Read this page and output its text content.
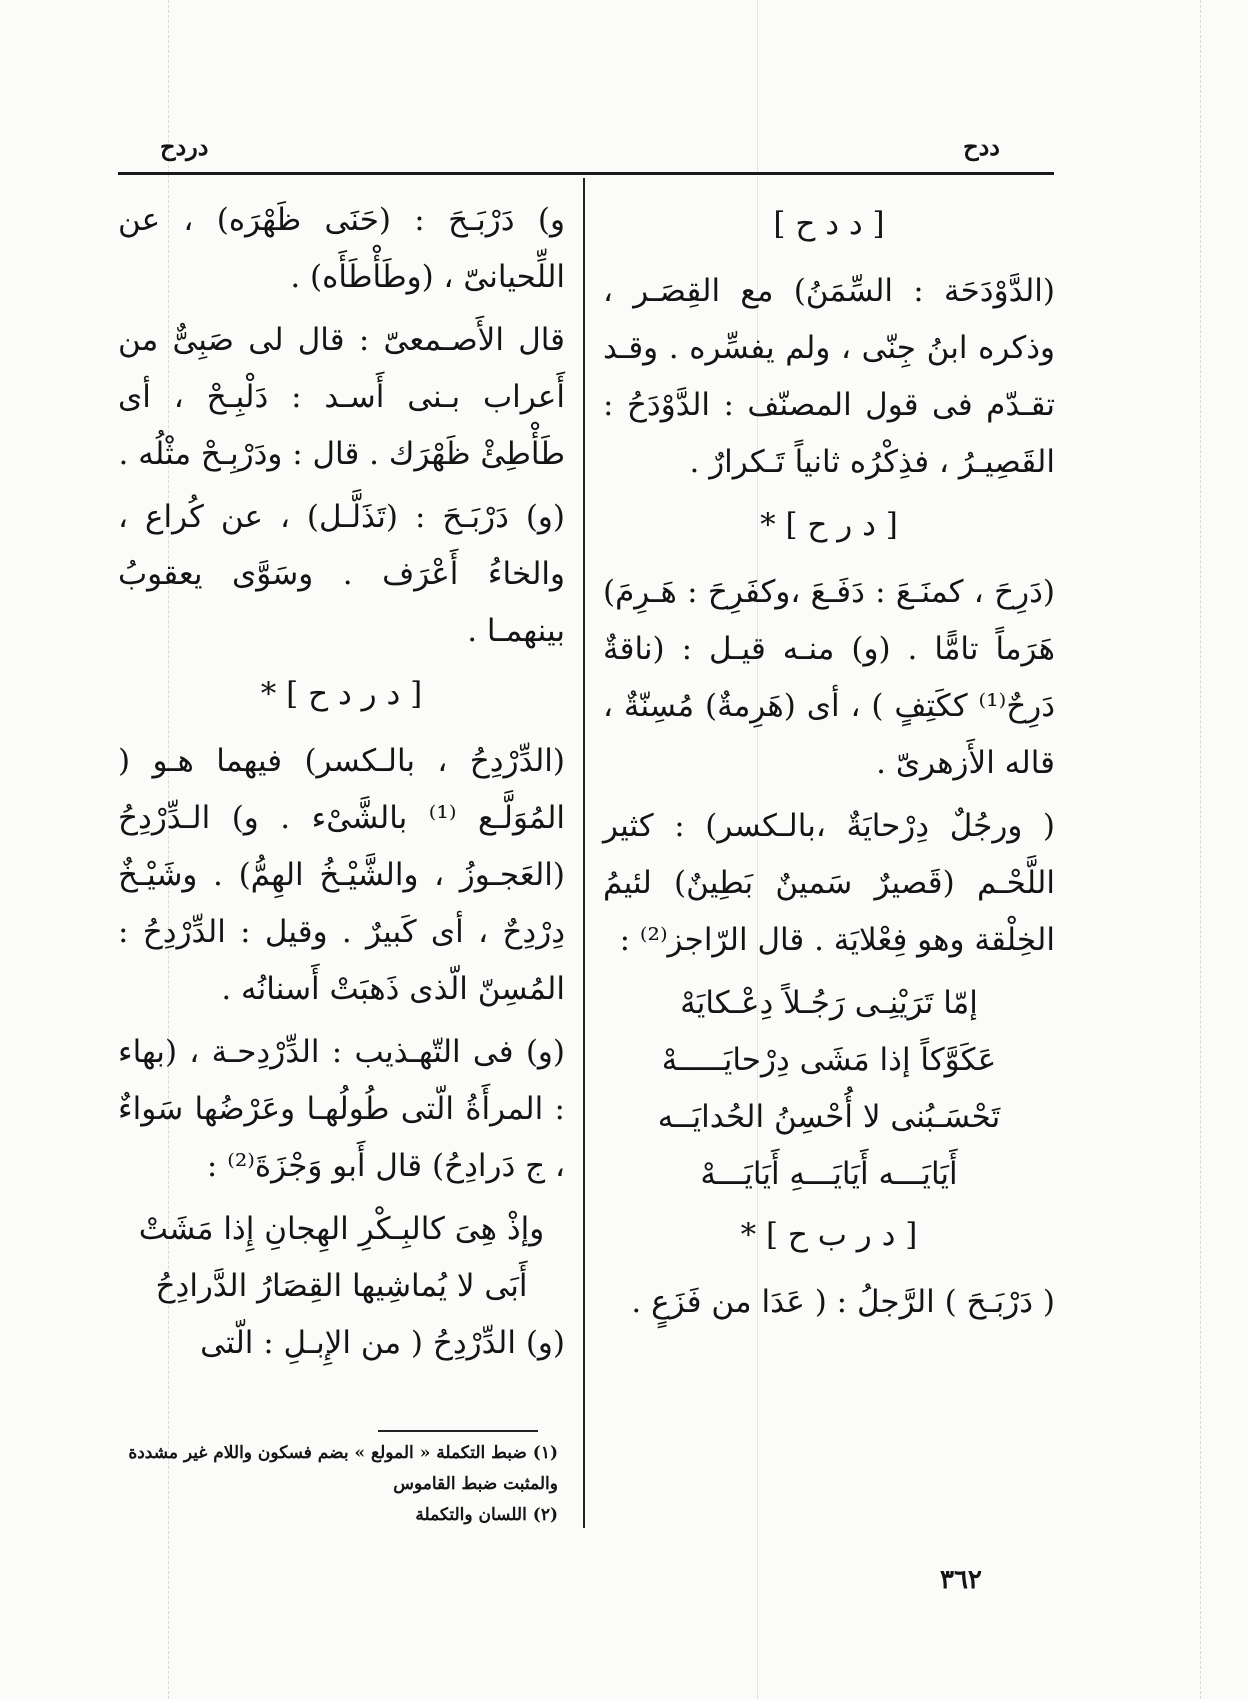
دردح	ددح

[ د د ح ]

(الدَّوْدَحَة : السِّمَنُ) مع القِصَـر ، وذكره ابنُ جِنّى ، ولم يفسِّره . وقـد تقـدّم فى قول المصنّف : الدَّوْدَحُ : القَصِيـرُ ، فذِكْرُه ثانياً تَـكرارٌ .

[ د ر ح ] *

(دَرِحَ ، كمنَـعَ : دَفَـعَ ،وكفَرِحَ : هَـرِمَ) هَرَماً تامًّا . (و) منـه قيـل : (ناقةٌ دَرِحٌ⁽¹⁾ ككَتِفٍ ) ، أى (هَرِمةٌ) مُسِنّةٌ ، قاله الأَزهرىّ .

( ورجُلٌ دِرْحايَةٌ ،بالـكسر) : كثير اللَّحْـم (قَصيرٌ سَمينٌ بَطِينٌ) لئيمُ الخِلْقة وهو فِعْلايَة . قال الرّاجز⁽²⁾ :

إمّا تَرَيْنِـى رَجُـلاً دِعْـكايَهْ

عَكَوَّكاً إذا مَشَى دِرْحايَـــــهْ

تَحْسَـبُنى لا أُحْسِنُ الحُدايَــه

أَيَايَـــه أَيَايَـــهِ أَيَايَـــهْ

[ د ر ب ح ] *

( دَرْبَـحَ ) الرَّجلُ : ( عَدَا من فَزَعٍ .

و) دَرْبَـحَ : (حَنَى ظَهْرَه) ، عن اللِّحيانىّ ، (وطَأْطَأَه) .

قال الأَصـمعىّ : قال لى صَبِىٌّ من أَعراب بـنى أَسـد : دَلْبِـحْ ، أى طَأْطِئْ ظَهْرَك . قال : ودَرْبِـحْ مثْلُه .

(و) دَرْبَـحَ : (تَذَلَّـل) ، عن كُراع ، والخاءُ أَعْرَف . وسَوَّى يعقوبُ بينهمـا .

[ د ر د ح ] *

(الدِّرْدِحُ ، بالـكسر) فيهما هـو ( المُوَلَّـع ⁽¹⁾ بالشَّىْء . و) الـدِّرْدِحُ (العَجـوزُ ، والشَّيْـخُ الهِمُّ) . وشَيْـخٌ دِرْدِحٌ ، أى كَبيرٌ . وقيل : الدِّرْدِحُ : المُسِنّ الّذى ذَهبَتْ أَسنانُه .

(و) فى التّهـذيب : الدِّرْدِحـة ، (بهاء : المرأَةُ الّتى طُولُهـا وعَرْضُها سَواءٌ ، ج دَرادِحُ) قال أَبو وَجْزَةَ⁽²⁾ :

وإذْ هِىَ كالبِـكْرِ الهِجانِ إِذا مَشَتْ

أَبَى لا يُماشِيها القِصَارُ الدَّرادِحُ

(و) الدِّرْدِحُ ( من الإِبـلِ : الّتى

(١) ضبط التكملة « المولع » بضم فسكون واللام غير مشددة والمثبت ضبط القاموس

(٢) اللسان والتكملة

٣٦٢
